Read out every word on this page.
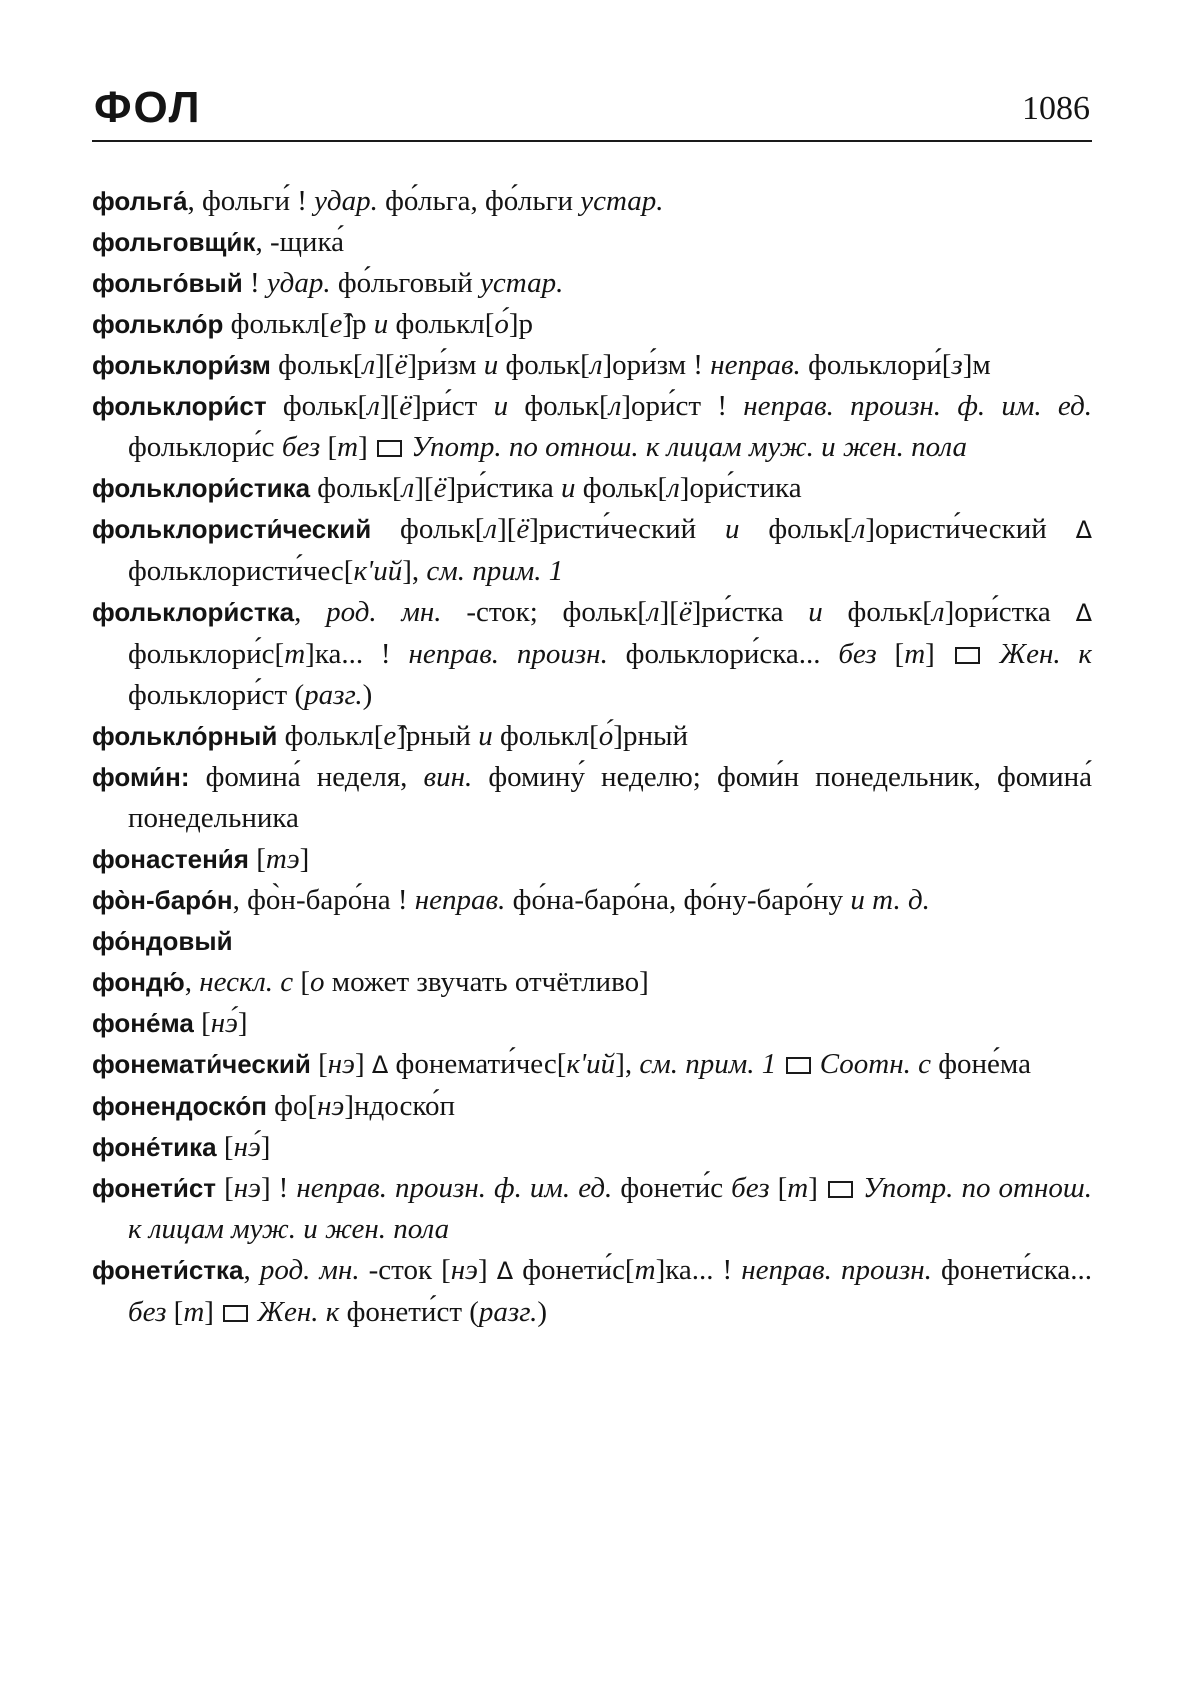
ФОЛ	1086

фольга́, фольги́ ! удар. фо́льга, фо́льги устар.

фольговщи́к, -щика́

фольго́вый ! удар. фо́льговый устар.

фолькло́р фолькл[е̂]р и фолькл[о́]р

фольклори́зм фольк[л][ё]ри́зм и фольк[л]ори́зм ! неправ. фольклори́[з]м

фольклори́ст фольк[л][ё]ри́ст и фольк[л]ори́ст ! неправ. произн. ф. им. ед. фольклори́с без [т]  Употр. по отнош. к лицам муж. и жен. пола

фольклори́стика фольк[л][ё]ри́стика и фольк[л]ори́стика

фольклористи́ческий фольк[л][ё]ристи́ческий и фольк[л]ористи́ческий Δ фольклористи́чес[к'ий], см. прим. 1

фольклори́стка, род. мн. -сток; фольк[л][ё]ри́стка и фольк[л]ори́стка Δ фольклори́с[т]ка... ! неправ. произн. фольклори́ска... без [т]  Жен. к фольклори́ст (разг.)

фолькло́рный фолькл[е̂]рный и фолькл[о́]рный

фоми́н: фомина́ неделя, вин. фомину́ неделю; фоми́н понедельник, фомина́ понедельника

фонастени́я [тэ]

фо̀н-баро́н, фо̀н-баро́на ! неправ. фо́на-баро́на, фо́ну-баро́ну и т. д.

фо́ндовый

фондю́, нескл. с [о может звучать отчётливо]

фоне́ма [нэ́]

фонемати́ческий [нэ] Δ фонемати́чес[к'ий], см. прим. 1 Соотн. с фоне́ма

фонендоско́п фо[нэ]ндоско́п

фоне́тика [нэ́]

фонети́ст [нэ] ! неправ. произн. ф. им. ед. фонети́с без [т]  Употр. по отнош. к лицам муж. и жен. пола

фонети́стка, род. мн. -сток [нэ] Δ фонети́с[т]ка... ! неправ. произн. фонети́ска... без [т]  Жен. к фонети́ст (разг.)
